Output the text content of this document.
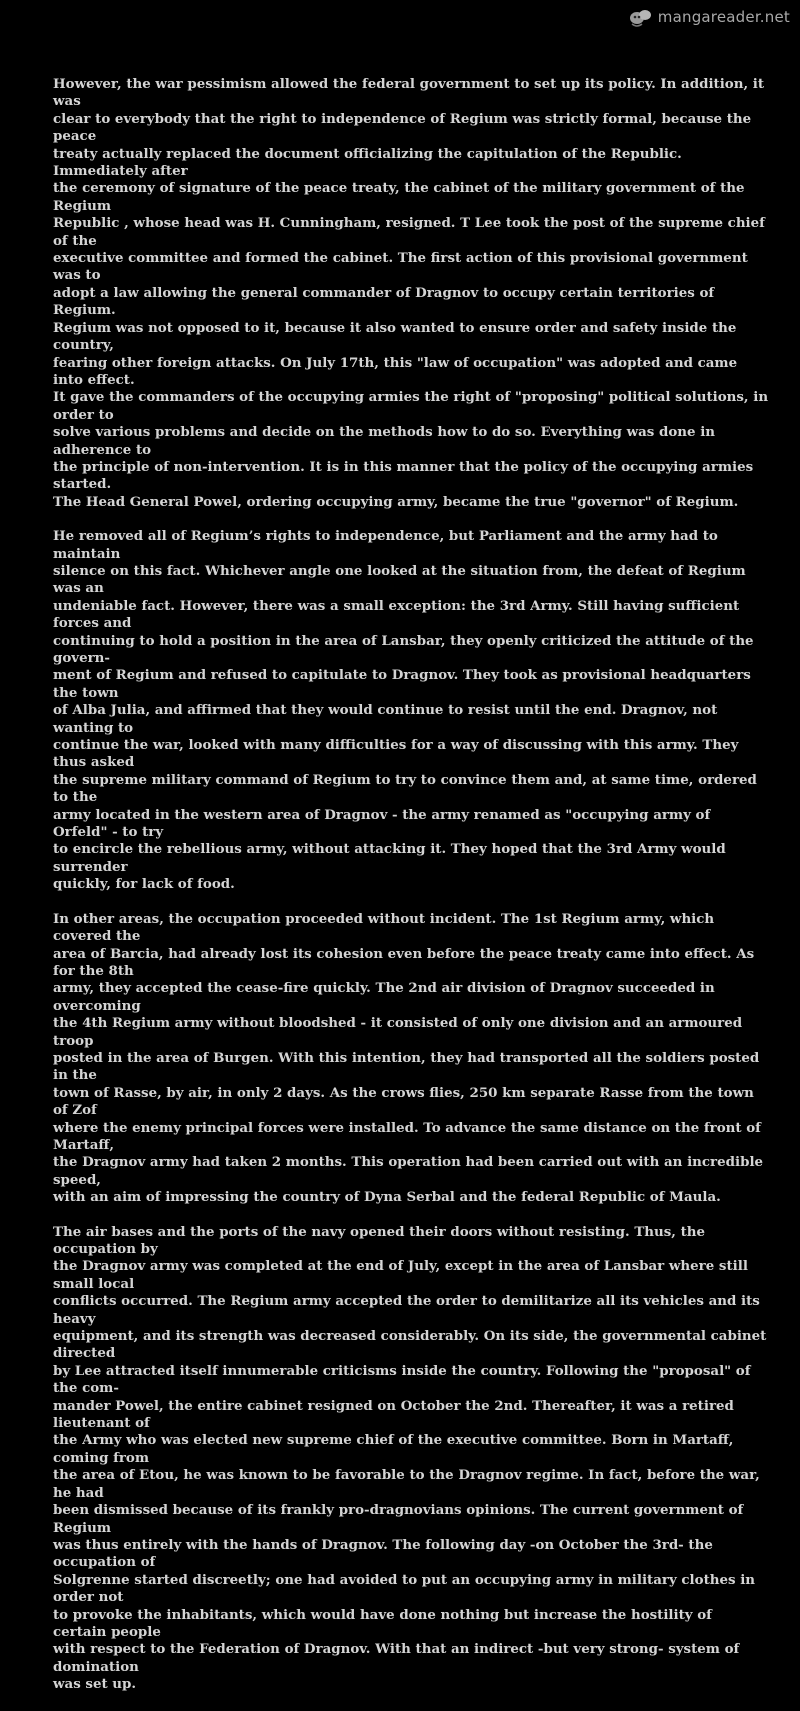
mangareader.net

However, the war pessimism allowed the federal government to set up its policy. In addition, it was
clear to everybody that the right to independence of Regium was strictly formal, because the peace
treaty actually replaced the document officializing the capitulation of the Republic. Immediately after
the ceremony of signature of the peace treaty, the cabinet of the military government of the Regium
Republic , whose head was H. Cunningham, resigned. T Lee took the post of the supreme chief of the
executive committee and formed the cabinet. The first action of this provisional government was to
adopt a law allowing the general commander of Dragnov to occupy certain territories of Regium.
Regium was not opposed to it, because it also wanted to ensure order and safety inside the country,
fearing other foreign attacks. On July 17th, this "law of occupation" was adopted and came into effect.
It gave the commanders of the occupying armies the right of "proposing" political solutions, in order to
solve various problems and decide on the methods how to do so. Everything was done in adherence to
the principle of non-intervention. It is in this manner that the policy of the occupying armies started.
The Head General Powel, ordering occupying army, became the true "governor" of Regium.

He removed all of Regium’s rights to independence, but Parliament and the army had to maintain
silence on this fact. Whichever angle one looked at the situation from, the defeat of Regium was an
undeniable fact. However, there was a small exception: the 3rd Army. Still having sufficient forces and
continuing to hold a position in the area of Lansbar, they openly criticized the attitude of the govern-
ment of Regium and refused to capitulate to Dragnov. They took as provisional headquarters the town
of Alba Julia, and affirmed that they would continue to resist until the end. Dragnov, not wanting to
continue the war, looked with many difficulties for a way of discussing with this army. They thus asked
the supreme military command of Regium to try to convince them and, at same time, ordered to the
army located in the western area of Dragnov - the army renamed as "occupying army of Orfeld" - to try
to encircle the rebellious army, without attacking it. They hoped that the 3rd Army would surrender
quickly, for lack of food.

In other areas, the occupation proceeded without incident. The 1st Regium army, which covered the
area of Barcia, had already lost its cohesion even before the peace treaty came into effect. As for the 8th
army, they accepted the cease-fire quickly. The 2nd air division of Dragnov succeeded in overcoming
the 4th Regium army without bloodshed - it consisted of only one division and an armoured troop
posted in the area of Burgen. With this intention, they had transported all the soldiers posted in the
town of Rasse, by air, in only 2 days. As the crows flies, 250 km separate Rasse from the town of Zof
where the enemy principal forces were installed. To advance the same distance on the front of Martaff,
the Dragnov army had taken 2 months. This operation had been carried out with an incredible speed,
with an aim of impressing the country of Dyna Serbal and the federal Republic of Maula.

The air bases and the ports of the navy opened their doors without resisting. Thus, the occupation by
the Dragnov army was completed at the end of July, except in the area of Lansbar where still small local
conflicts occurred. The Regium army accepted the order to demilitarize all its vehicles and its heavy
equipment, and its strength was decreased considerably. On its side, the governmental cabinet directed
by Lee attracted itself innumerable criticisms inside the country. Following the "proposal" of the com-
mander Powel, the entire cabinet resigned on October the 2nd. Thereafter, it was a retired lieutenant of
the Army who was elected new supreme chief of the executive committee. Born in Martaff, coming from
the area of Etou, he was known to be favorable to the Dragnov regime. In fact, before the war, he had
been dismissed because of its frankly pro-dragnovians opinions. The current government of Regium
was thus entirely with the hands of Dragnov. The following day -on October the 3rd- the occupation of
Solgrenne started discreetly; one had avoided to put an occupying army in military clothes in order not
to provoke the inhabitants, which would have done nothing but increase the hostility of certain people
with respect to the Federation of Dragnov. With that an indirect -but very strong- system of domination
was set up.
